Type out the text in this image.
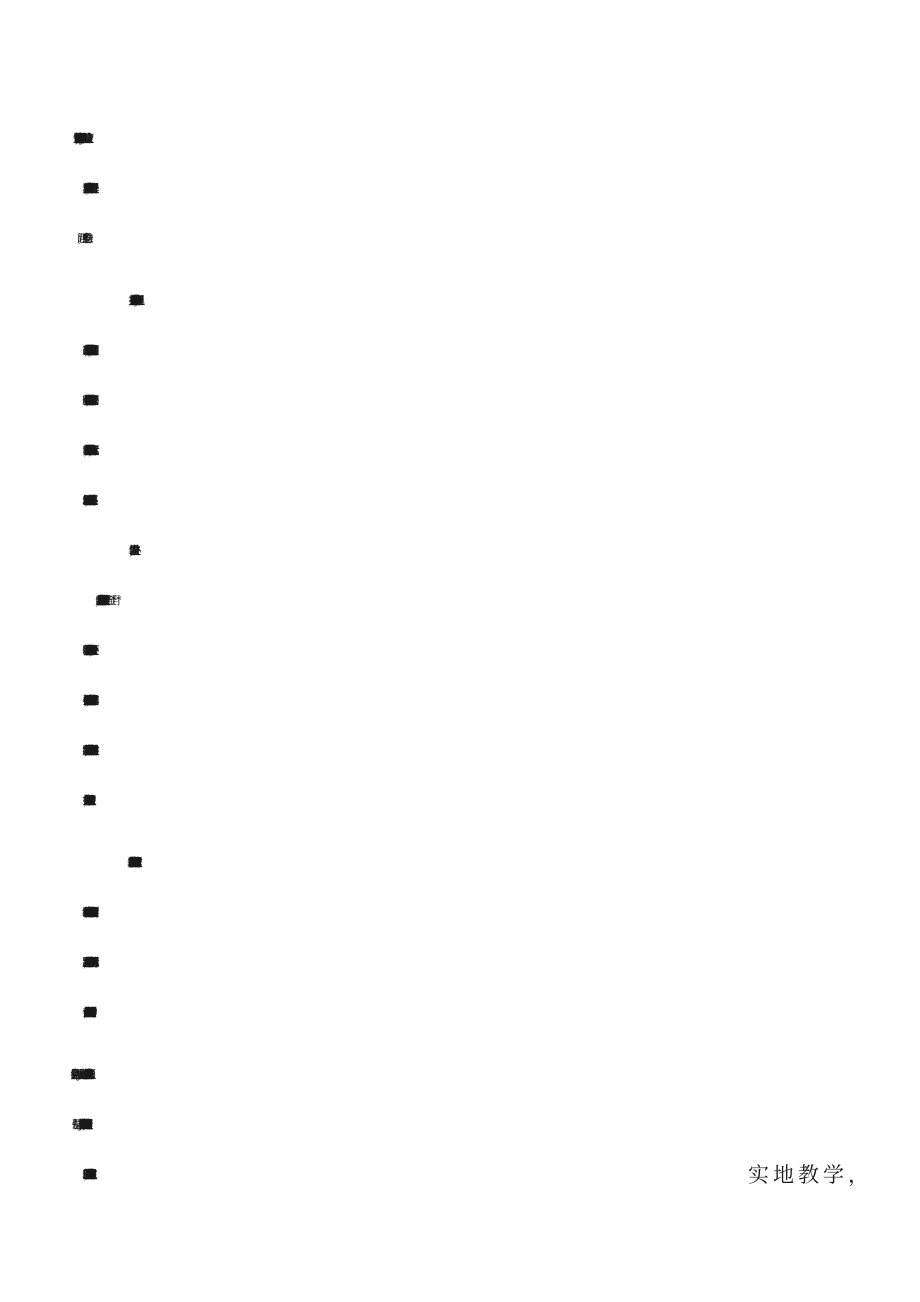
素养。要密切联系实践学习，向广大人民群众学，把学到的知识用于解决群众”
三是在真抓实干中践行为民初心。当代中国青年生在红旗下，长在春风里，
乘着改革开放的快车，享受着先辈披荆斩棘所换来的幸福，背靠着强大的祖国，
新时代也为我们提供了大有可为的机会，建起了梦想起航的平台。在这个和平而
又幸福的年代，中青年干部更应坚定忠诚党的事业和一心为民的信念，以实际行
动解民忧、纾民困、暖民心，切实增强人民群众的幸福感、获得感。
二、以学促干，激发奋斗之心
们聆听了名师授课、参观了红色纪念地、考察了社区治理、参观了民营企业，不
仅开拓了我们的视野，丰富了我们的经历，还为我们今后的工作提供示范样本和
实践经验。课堂教学，夯实理论基础。改革开放干部学院讲师们鲜明特色的教学
方式与授课内容，很好地调动了学员的积极性。
讲师们多维度、全方位深刻阐述了深圳改革开放*年来取得的伟大成就、成功
经验和新时代深圳的发展方向。陈磊老师以《解锁深圳—中国式现代化的创新实
践》为题，讲述了深圳如何从一个边陲小镇发展到一个充满活力和创新力的国际
化大都市，让我们深切感受到深圳敢闯敢试的创新精神
治理的创新实践，对我们基层工作开展具有重要的启发意义	实地教学，
